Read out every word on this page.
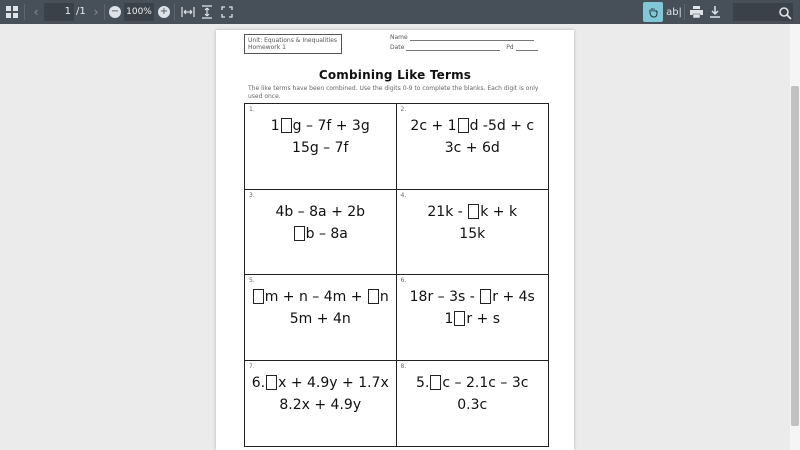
‹	1 /1 ›	− 100% +	ab|
Unit: Equations & Inequalities
Homework 1
Name
Date	Pd
Combining Like Terms
The like terms have been combined. Use the digits 0-9 to complete the blanks. Each digit is only used once.
1.
1 g – 7f + 3g
15g – 7f
2.
2c + 1 d -5d + c
3c + 6d
3.
4b – 8a + 2b
b – 8a
4.
21k - k + k
15k
5.
m + n – 4m + n
5m + 4n
6.
18r – 3s - r + 4s
1 r + s
7.
6. x + 4.9y + 1.7x
8.2x + 4.9y
8.
5. c – 2.1c – 3c
0.3c
